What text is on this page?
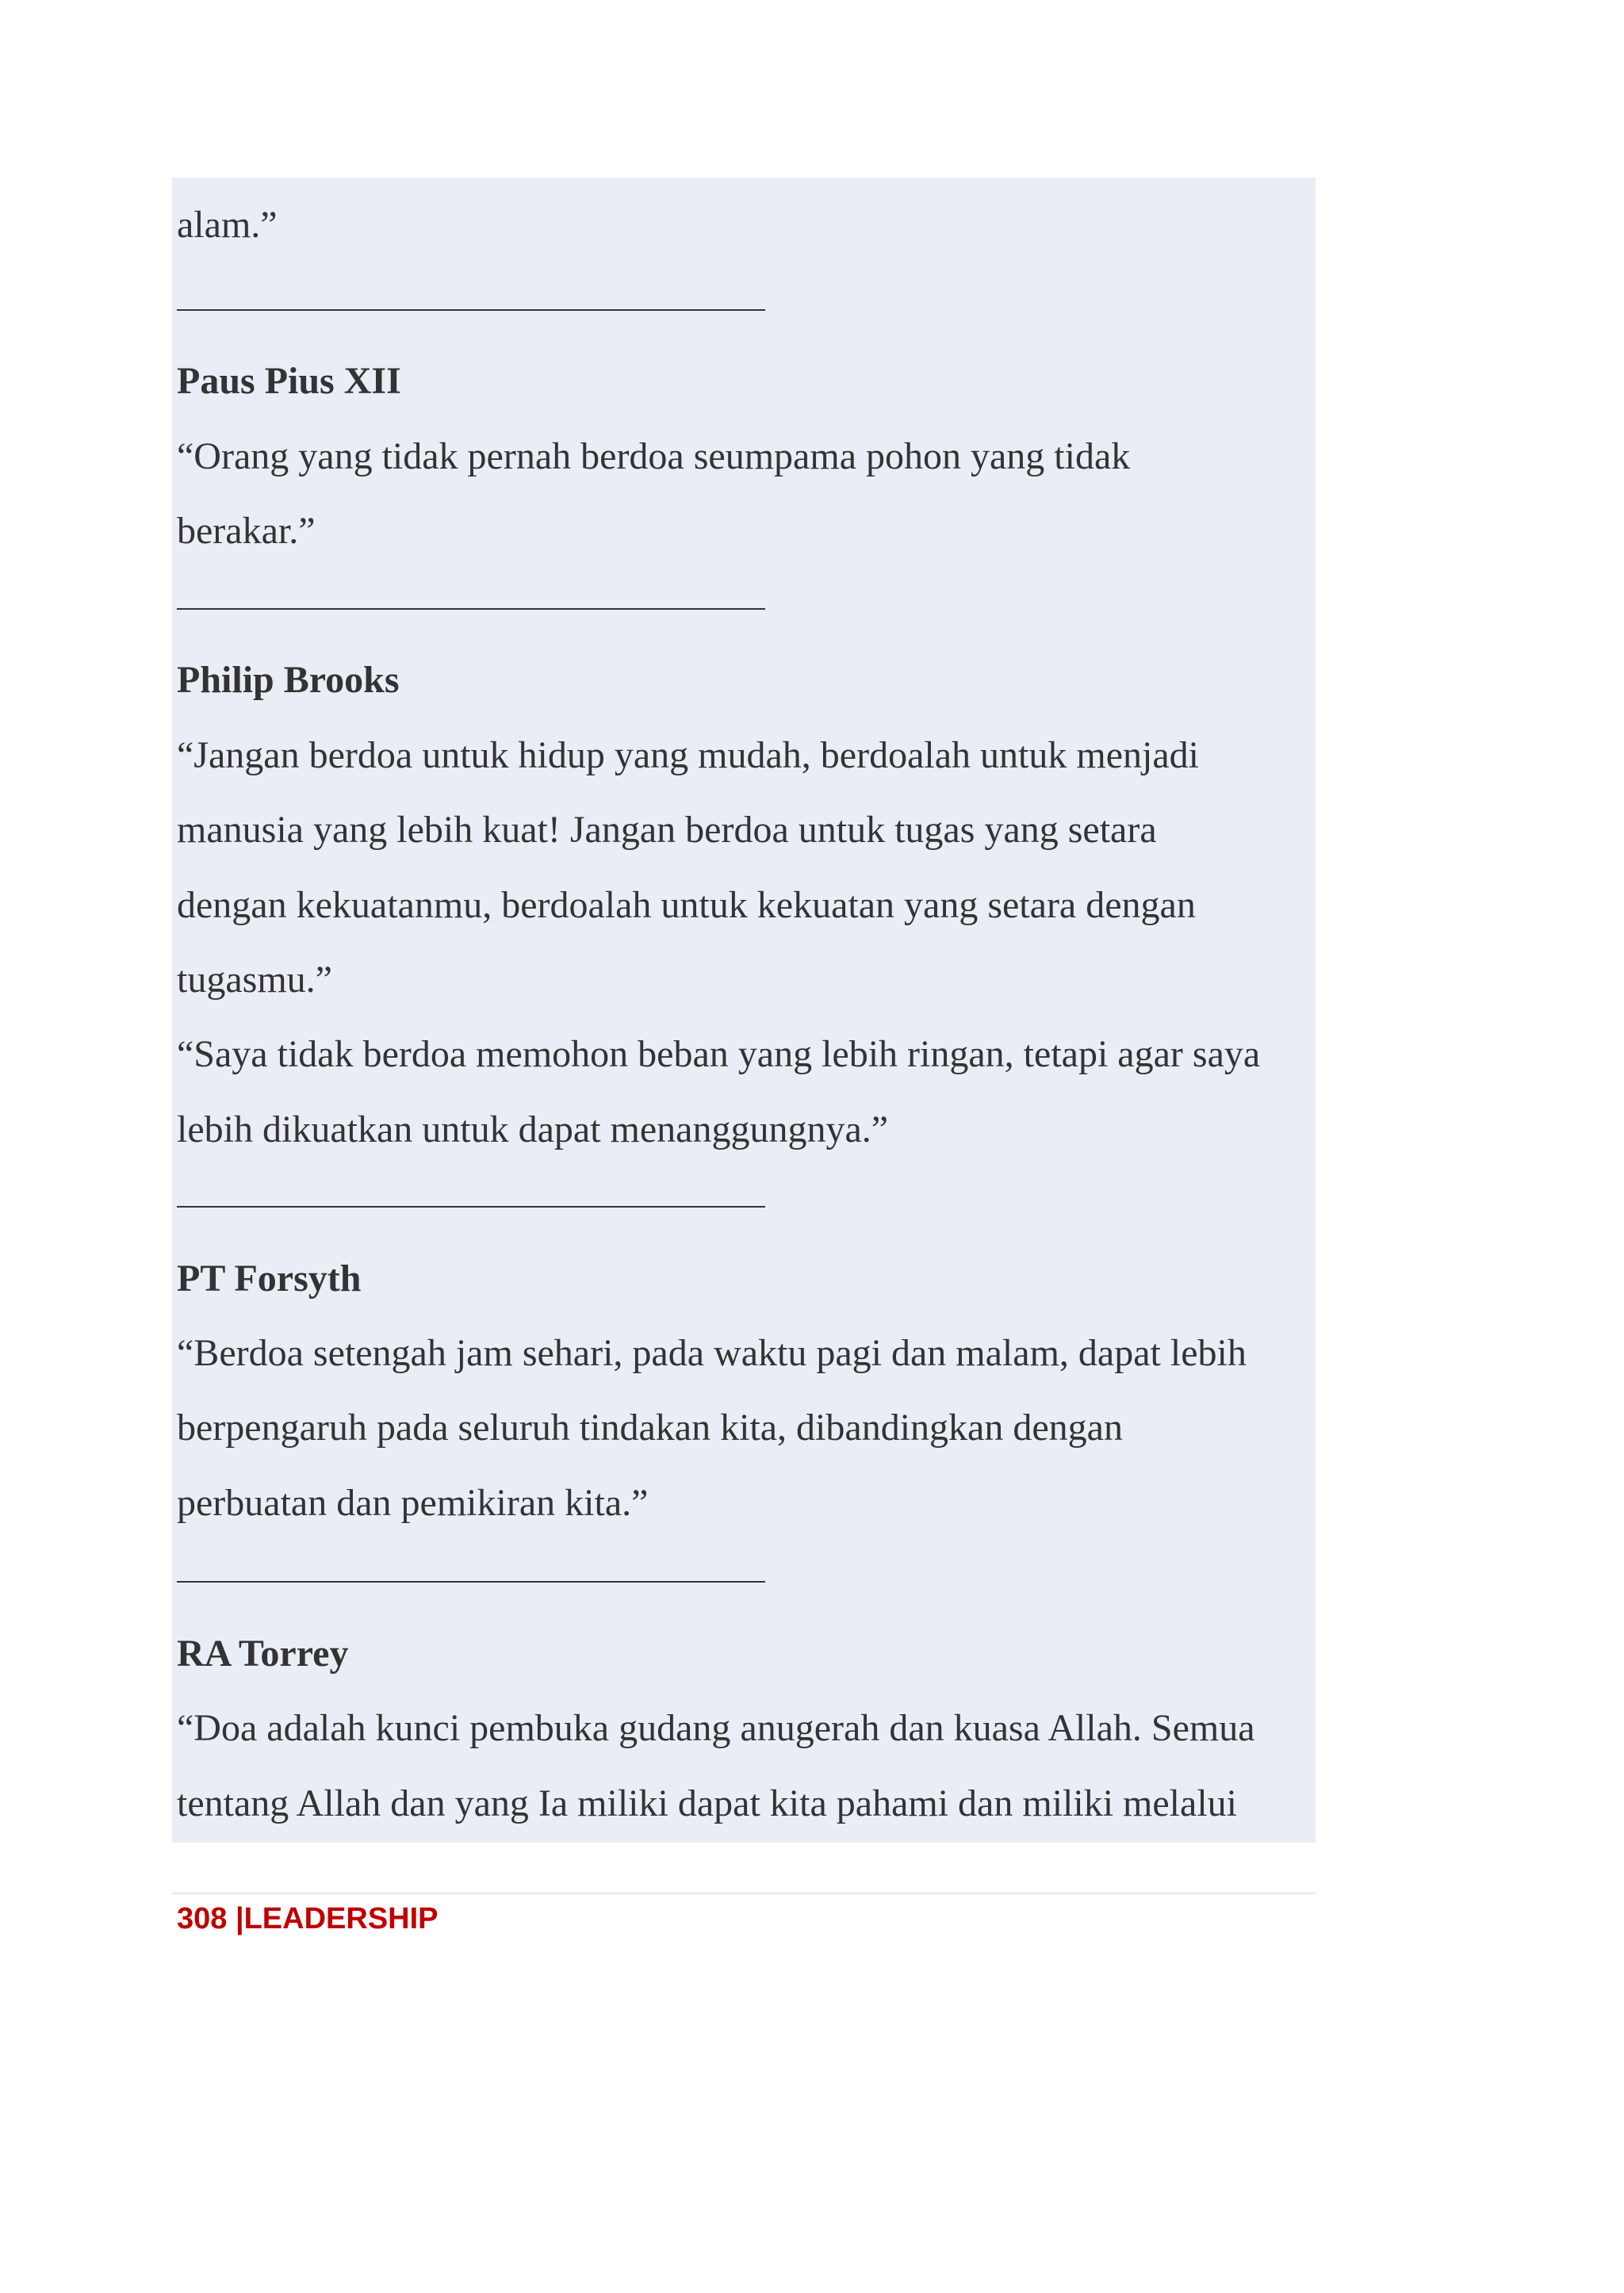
alam.”
Paus Pius XII
“Orang yang tidak pernah berdoa seumpama pohon yang tidak
berakar.”
Philip Brooks
“Jangan berdoa untuk hidup yang mudah, berdoalah untuk menjadi
manusia yang lebih kuat! Jangan berdoa untuk tugas yang setara
dengan kekuatanmu, berdoalah untuk kekuatan yang setara dengan
tugasmu.”
“Saya tidak berdoa memohon beban yang lebih ringan, tetapi agar saya
lebih dikuatkan untuk dapat menanggungnya.”
PT Forsyth
“Berdoa setengah jam sehari, pada waktu pagi dan malam, dapat lebih
berpengaruh pada seluruh tindakan kita, dibandingkan dengan
perbuatan dan pemikiran kita.”
RA Torrey
“Doa adalah kunci pembuka gudang anugerah dan kuasa Allah. Semua
tentang Allah dan yang Ia miliki dapat kita pahami dan miliki melalui
308 |LEADERSHIP
